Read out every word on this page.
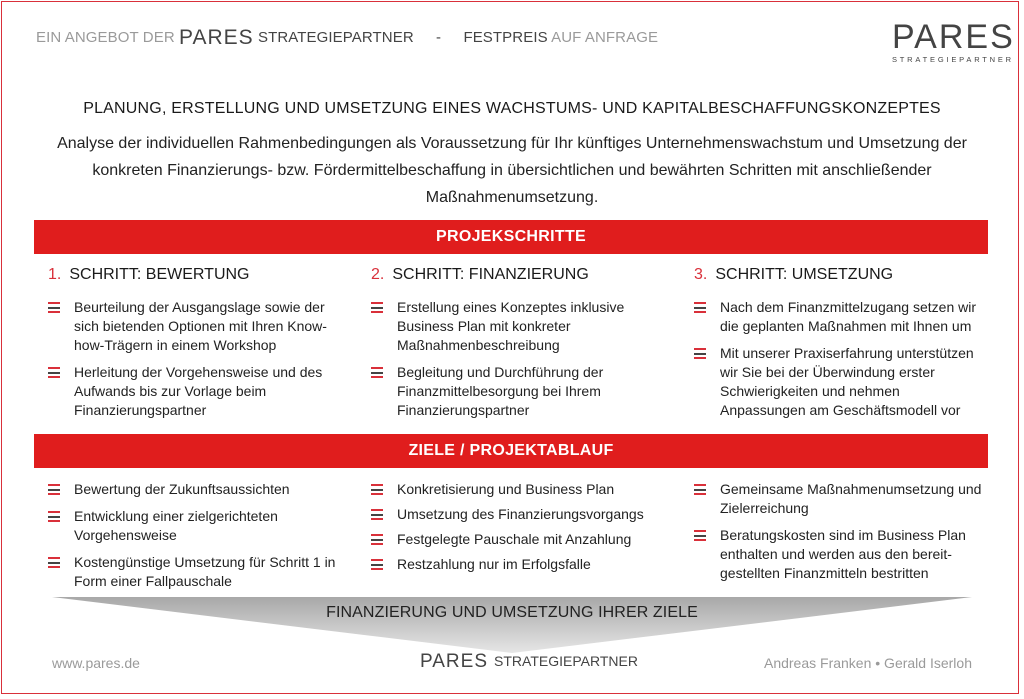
EIN ANGEBOT DER PARES STRATEGIEPARTNER - FESTPREIS AUF ANFRAGE	PARES
STRATEGIEPARTNER
PLANUNG, ERSTELLUNG UND UMSETZUNG EINES WACHSTUMS- UND KAPITALBESCHAFFUNGSKONZEPTES
Analyse der individuellen Rahmenbedingungen als Voraussetzung für Ihr künftiges Unternehmenswachstum und Umsetzung der konkreten Finanzierungs- bzw. Fördermittelbeschaffung in übersichtlichen und bewährten Schritten mit anschließender Maßnahmenumsetzung.
PROJEKSCHRITTE
1. SCHRITT: BEWERTUNG
Beurteilung der Ausgangslage sowie der sich bietenden Optionen mit Ihren Know-how-Trägern in einem Workshop
Herleitung der Vorgehensweise und des Aufwands bis zur Vorlage beim Finanzierungspartner
2. SCHRITT: FINANZIERUNG
Erstellung eines Konzeptes inklusive Business Plan mit konkreter Maßnahmenbeschreibung
Begleitung und Durchführung der Finanzmittelbesorgung bei Ihrem Finanzierungspartner
3. SCHRITT: UMSETZUNG
Nach dem Finanzmittelzugang setzen wir die geplanten Maßnahmen mit Ihnen um
Mit unserer Praxiserfahrung unterstützen wir Sie bei der Überwindung erster Schwierigkeiten und nehmen Anpassungen am Geschäftsmodell vor
ZIELE / PROJEKTABLAUF
Bewertung der Zukunftsaussichten
Entwicklung einer zielgerichteten Vorgehensweise
Kostengünstige Umsetzung für Schritt 1 in Form einer Fallpauschale
Konkretisierung und Business Plan
Umsetzung des Finanzierungsvorgangs
Festgelegte Pauschale mit Anzahlung
Restzahlung nur im Erfolgsfalle
Gemeinsame Maßnahmenumsetzung und Zielerreichung
Beratungskosten sind im Business Plan enthalten und werden aus den bereit-gestellten Finanzmitteln bestritten
FINANZIERUNG UND UMSETZUNG IHRER ZIELE
www.pares.de	PARES STRATEGIEPARTNER	Andreas Franken • Gerald Iserloh
